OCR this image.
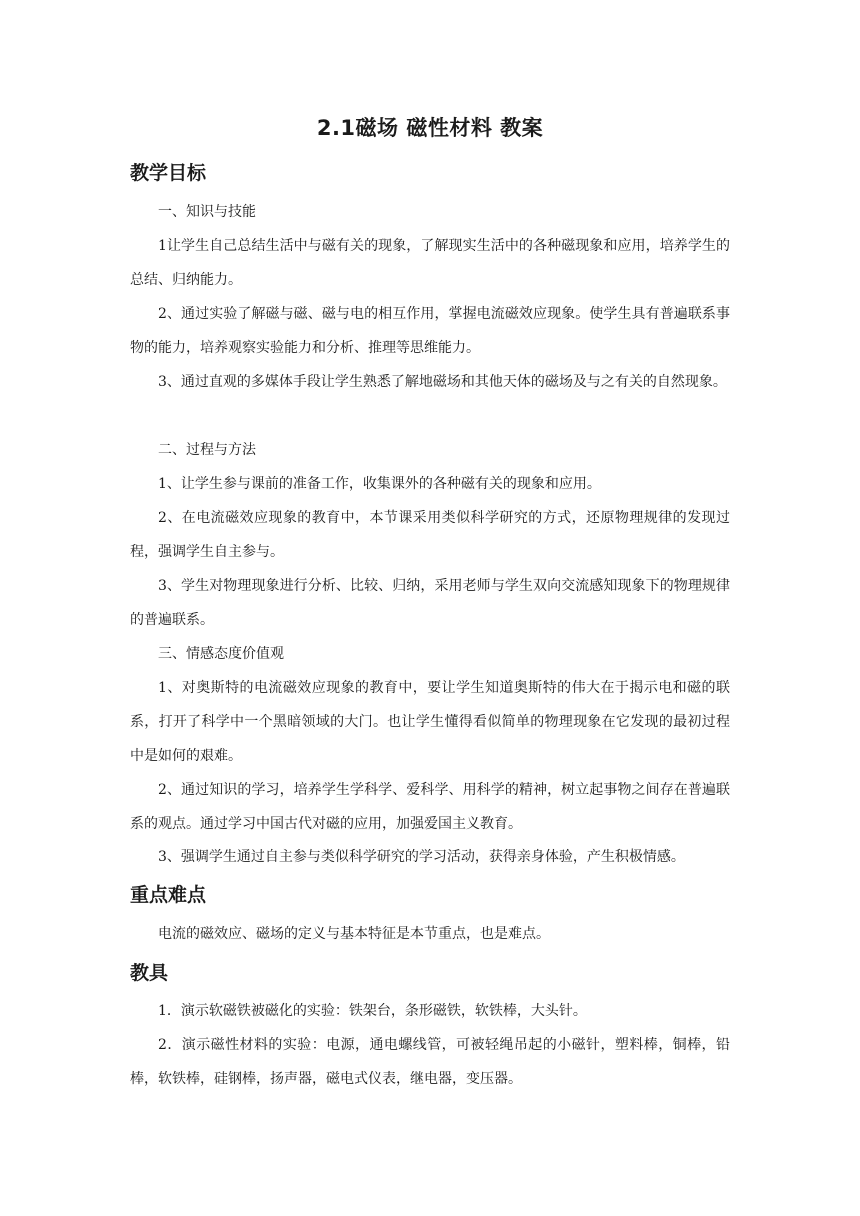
2.1磁场 磁性材料 教案
教学目标

一、知识与技能

1让学生自己总结生活中与磁有关的现象，了解现实生活中的各种磁现象和应用，培养学生的总结、归纳能力。

2、通过实验了解磁与磁、磁与电的相互作用，掌握电流磁效应现象。使学生具有普遍联系事物的能力，培养观察实验能力和分析、推理等思维能力。

3、通过直观的多媒体手段让学生熟悉了解地磁场和其他天体的磁场及与之有关的自然现象。

二、过程与方法

1、让学生参与课前的准备工作，收集课外的各种磁有关的现象和应用。

2、在电流磁效应现象的教育中，本节课采用类似科学研究的方式，还原物理规律的发现过程，强调学生自主参与。

3、学生对物理现象进行分析、比较、归纳，采用老师与学生双向交流感知现象下的物理规律的普遍联系。

三、情感态度价值观

1、对奥斯特的电流磁效应现象的教育中，要让学生知道奥斯特的伟大在于揭示电和磁的联系，打开了科学中一个黑暗领域的大门。也让学生懂得看似简单的物理现象在它发现的最初过程中是如何的艰难。

2、通过知识的学习，培养学生学科学、爱科学、用科学的精神，树立起事物之间存在普遍联系的观点。通过学习中国古代对磁的应用，加强爱国主义教育。

3、强调学生通过自主参与类似科学研究的学习活动，获得亲身体验，产生积极情感。

重点难点

电流的磁效应、磁场的定义与基本特征是本节重点，也是难点。

教具

1．演示软磁铁被磁化的实验：铁架台，条形磁铁，软铁棒，大头针。

2．演示磁性材料的实验：电源，通电螺线管，可被轻绳吊起的小磁针，塑料棒，铜棒，铅棒，软铁棒，硅钢棒，扬声器，磁电式仪表，继电器，变压器。
